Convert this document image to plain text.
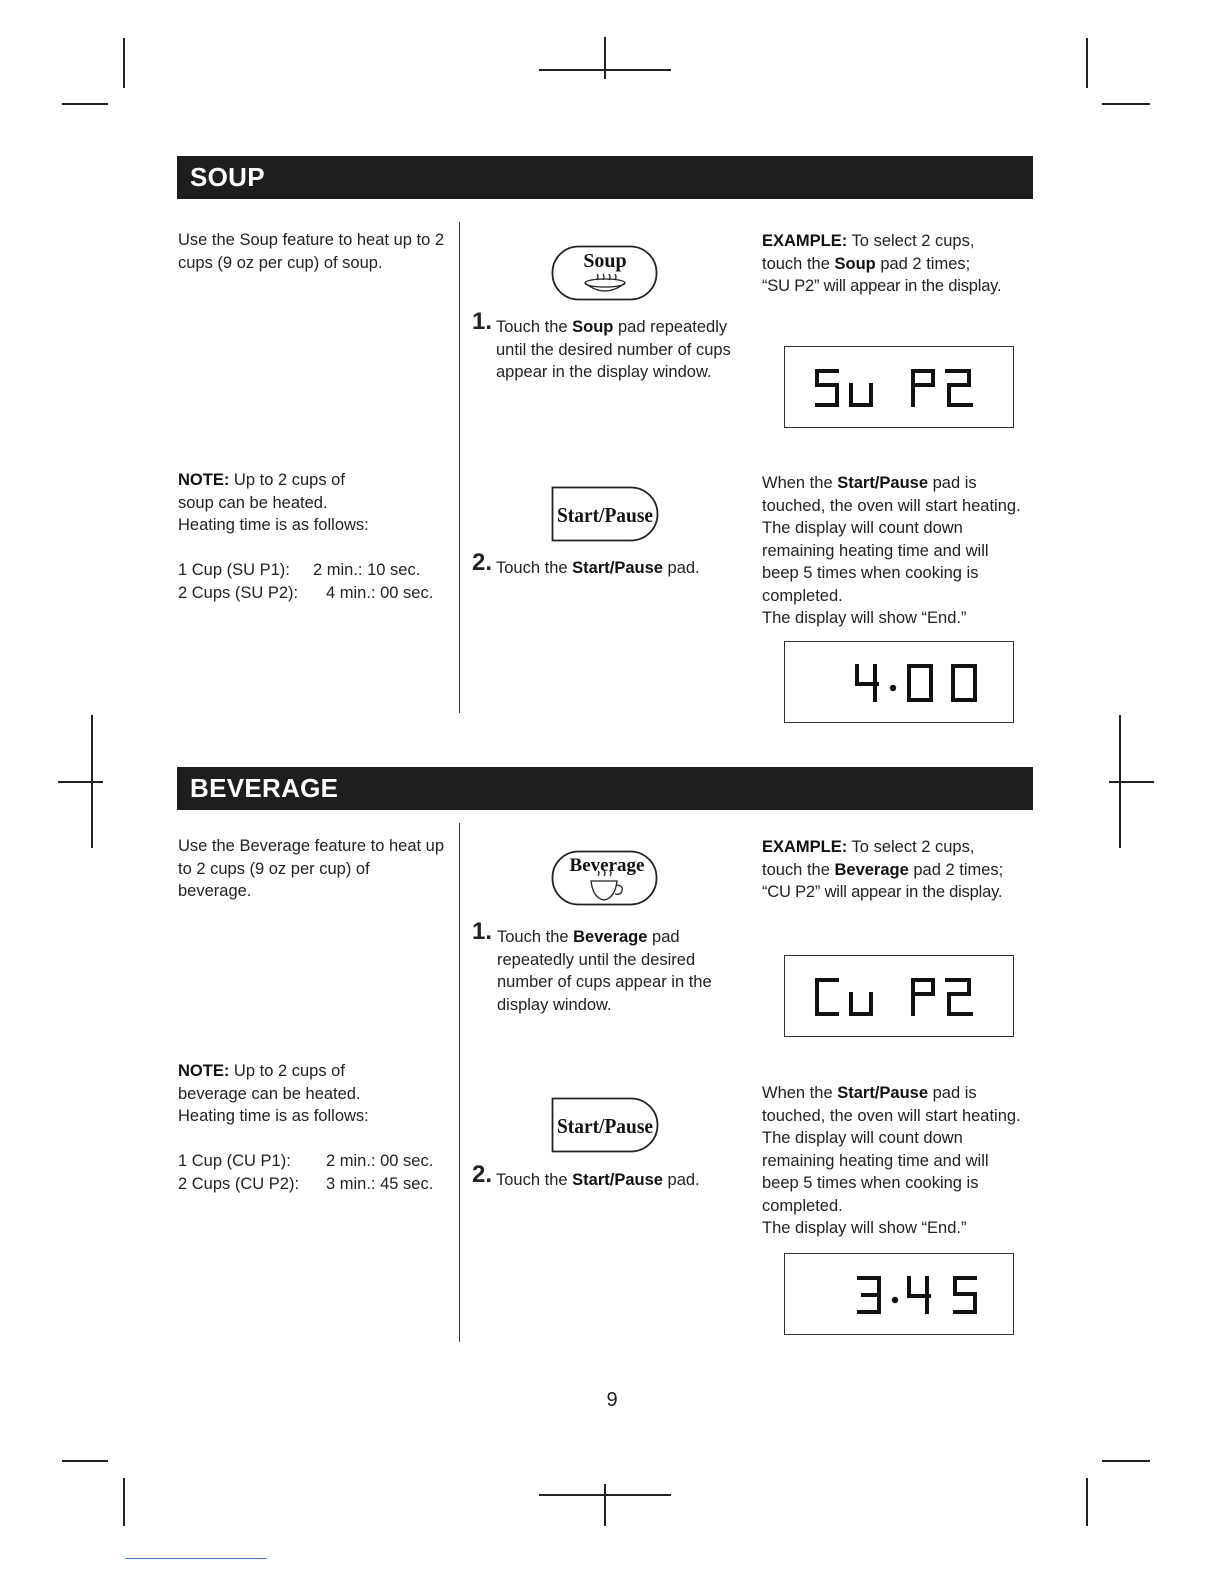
SOUP

Use the Soup feature to heat up to 2 cups (9 oz per cup) of soup.

NOTE: Up to 2 cups of

soup can be heated.

Heating time is as follows:

1 Cup (SU P1): 2 min.: 10 sec.

2 Cups (SU P2): 4 min.: 00 sec.

Soup
1. Touch the Soup pad repeatedly until the desired number of cups appear in the display window.
Start/Pause
2. Touch the Start/Pause pad.

EXAMPLE: To select 2 cups,

touch the Soup pad 2 times;

“SU P2” will appear in the display.

SU P2

When the Start/Pause pad is touched, the oven will start heating. The display will count down remaining heating time and will beep 5 times when cooking is completed.

The display will show “End.”

4.00
BEVERAGE

Use the Beverage feature to heat up to 2 cups (9 oz per cup) of beverage.

NOTE: Up to 2 cups of

beverage can be heated.

Heating time is as follows:

1 Cup (CU P1): 2 min.: 00 sec.

2 Cups (CU P2): 3 min.: 45 sec.

Beverage
1. Touch the Beverage pad repeatedly until the desired number of cups appear in the display window.
Start/Pause
2. Touch the Start/Pause pad.

EXAMPLE: To select 2 cups,

touch the Beverage pad 2 times;

“CU P2” will appear in the display.

CU P2

When the Start/Pause pad is touched, the oven will start heating. The display will count down remaining heating time and will beep 5 times when cooking is completed.

The display will show “End.”

3.45
9
